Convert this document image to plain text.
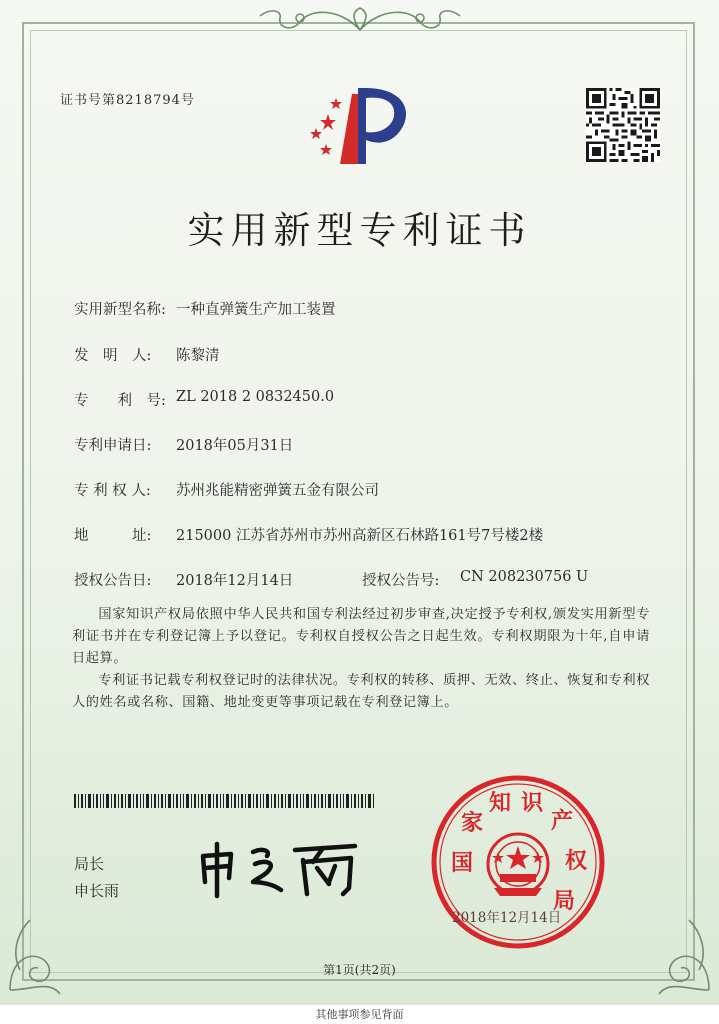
证书号第8218794号
实用新型专利证书
实用新型名称: 一种直弹簧生产加工装置
发　明　人: 陈黎清
专　　利　号: ZL 2018 2 0832450.0
专利申请日: 2018年05月31日
专 利 权 人: 苏州兆能精密弹簧五金有限公司
地　　　址: 215000 江苏省苏州市苏州高新区石林路161号7号楼2楼
授权公告日: 2018年12月14日	授权公告号: CN 208230756 U
国家知识产权局依照中华人民共和国专利法经过初步审查,决定授予专利权,颁发实用新型专利证书并在专利登记簿上予以登记。专利权自授权公告之日起生效。专利权期限为十年,自申请日起算。
专利证书记载专利权登记时的法律状况。专利权的转移、质押、无效、终止、恢复和专利权人的姓名或名称、国籍、地址变更等事项记载在专利登记簿上。
局长
申长雨
国
家
知 识
产
权
局
2018年12月14日
第1页(共2页)
其他事项参见背面
